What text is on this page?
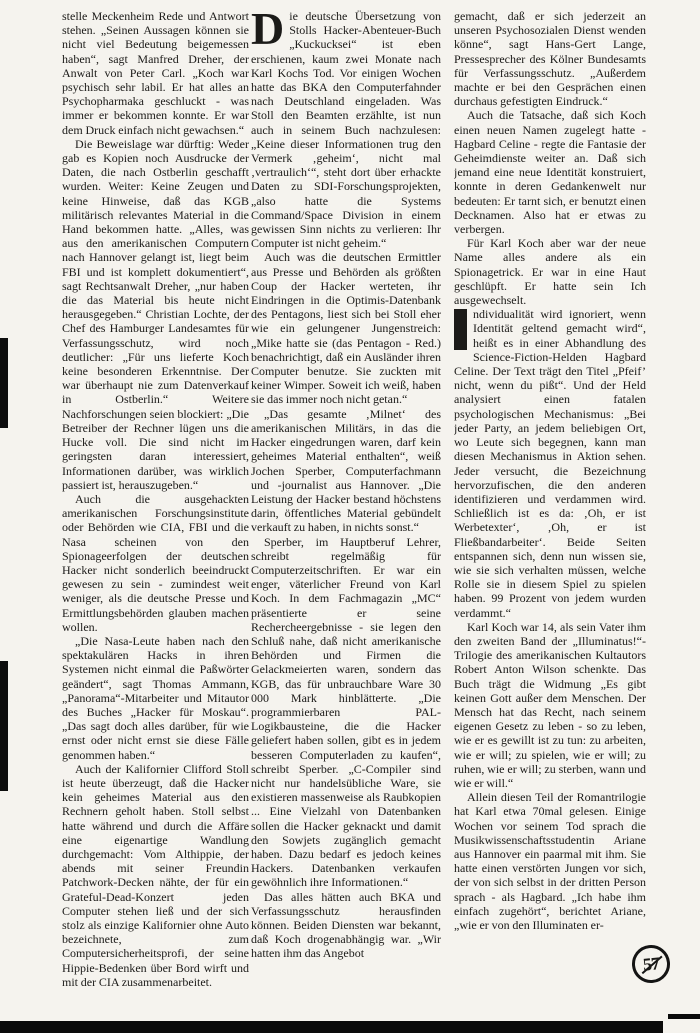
stelle Meckenheim Rede und Antwort stehen. „Seinen Aussagen können sie nicht viel Bedeutung beigemessen haben“, sagt Manfred Dreher, der Anwalt von Peter Carl. „Koch war psychisch sehr labil. Er hat alles an Psychopharmaka geschluckt - was immer er bekommen konnte. Er war dem Druck einfach nicht gewachsen.“

Die Beweislage war dürftig: Weder gab es Kopien noch Ausdrucke der Daten, die nach Ostberlin geschafft wurden. Weiter: Keine Zeugen und keine Hinweise, daß das KGB militärisch relevantes Material in die Hand bekommen hatte. „Alles, was aus den amerikanischen Computern nach Hannover gelangt ist, liegt beim FBI und ist komplett dokumentiert“, sagt Rechtsanwalt Dreher, „nur haben die das Material bis heute nicht herausgegeben.“ Christian Lochte, der Chef des Hamburger Landesamtes für Verfassungsschutz, wird noch deutlicher: „Für uns lieferte Koch keine besonderen Erkenntnise. Der war überhaupt nie zum Datenverkauf in Ostberlin.“ Weitere Nachforschungen seien blockiert: „Die Betreiber der Rechner lügen uns die Hucke voll. Die sind nicht im geringsten daran interessiert, Informationen darüber, was wirklich passiert ist, herauszugeben.“

Auch die ausgehackten amerikanischen Forschungsinstitute oder Behörden wie CIA, FBI und die Nasa scheinen von den Spionageerfolgen der deutschen Hacker nicht sonderlich beeindruckt gewesen zu sein - zumindest weit weniger, als die deutsche Presse und Ermittlungsbehörden glauben machen wollen.

„Die Nasa-Leute haben nach den spektakulären Hacks in ihren Systemen nicht einmal die Paßwörter geändert“, sagt Thomas Ammann, „Panorama“-Mitarbeiter und Mitautor des Buches „Hacker für Moskau“. „Das sagt doch alles darüber, für wie ernst oder nicht ernst sie diese Fälle genommen haben.“

Auch der Kalifornier Clifford Stoll ist heute überzeugt, daß die Hacker kein geheimes Material aus den Rechnern geholt haben. Stoll selbst hatte während und durch die Affäre eine eigenartige Wandlung durchgemacht: Vom Althippie, der abends mit seiner Freundin Patchwork-Decken nähte, der für ein Grateful-Dead-Konzert jeden Computer stehen ließ und der sich stolz als einzige Kalifornier ohne Auto bezeichnete, zum Computersicherheitsprofi, der seine Hippie-Bedenken über Bord wirft und mit der CIA zusammenarbeitet.

Die deutsche Übersetzung von Stolls Hacker-Abenteuer-Buch „Kuckucksei“ ist eben erschienen, kaum zwei Monate nach Karl Kochs Tod. Vor einigen Wochen hatte das BKA den Computerfahnder nach Deutschland eingeladen. Was Stoll den Beamten erzählte, ist nun auch in seinem Buch nachzulesen: „Keine dieser Informationen trug den Vermerk ‚geheim‘, nicht mal ‚vertraulich‘“, steht dort über erhackte Daten zu SDI-Forschungsprojekten, „also hatte die Systems Command/Space Division in einem gewissen Sinn nichts zu verlieren: Ihr Computer ist nicht geheim.“

Auch was die deutschen Ermittler aus Presse und Behörden als größten Coup der Hacker werteten, ihr Eindringen in die Optimis-Datenbank des Pentagons, liest sich bei Stoll eher wie ein gelungener Jungenstreich: „Mike hatte sie (das Pentagon - Red.) benachrichtigt, daß ein Ausländer ihren Computer benutze. Sie zuckten mit keiner Wimper. Soweit ich weiß, haben sie das immer noch nicht getan.“

„Das gesamte ‚Milnet‘ des amerikanischen Militärs, in das die Hacker eingedrungen waren, darf kein geheimes Material enthalten“, weiß Jochen Sperber, Computerfachmann und -journalist aus Hannover. „Die Leistung der Hacker bestand höchstens darin, öffentliches Material gebündelt verkauft zu haben, in nichts sonst.“

Sperber, im Hauptberuf Lehrer, schreibt regelmäßig für Computerzeitschriften. Er war ein enger, väterlicher Freund von Karl Koch. In dem Fachmagazin „MC“ präsentierte er seine Rechercheergebnisse - sie legen den Schluß nahe, daß nicht amerikanische Behörden und Firmen die Gelackmeierten waren, sondern das KGB, das für unbrauchbare Ware 30 000 Mark hinblätterte. „Die programmierbaren PAL-Logikbausteine, die die Hacker geliefert haben sollen, gibt es in jedem besseren Computerladen zu kaufen“, schreibt Sperber. „C-Compiler sind nicht nur handelsübliche Ware, sie existieren massenweise als Raubkopien ... Eine Vielzahl von Datenbanken sollen die Hacker geknackt und damit den Sowjets zugänglich gemacht haben. Dazu bedarf es jedoch keines Hackers. Datenbanken verkaufen gewöhnlich ihre Informationen.“

Das alles hätten auch BKA und Verfassungsschutz herausfinden können. Beiden Diensten war bekannt, daß Koch drogenabhängig war. „Wir hatten ihm das Angebot

gemacht, daß er sich jederzeit an unseren Psychosozialen Dienst wenden könne“, sagt Hans-Gert Lange, Pressesprecher des Kölner Bundesamts für Verfassungsschutz. „Außerdem machte er bei den Gesprächen einen durchaus gefestigten Eindruck.“

Auch die Tatsache, daß sich Koch einen neuen Namen zugelegt hatte - Hagbard Celine - regte die Fantasie der Geheimdienste weiter an. Daß sich jemand eine neue Identität konstruiert, konnte in deren Gedankenwelt nur bedeuten: Er tarnt sich, er benutzt einen Decknamen. Also hat er etwas zu verbergen.

Für Karl Koch aber war der neue Name alles andere als ein Spionagetrick. Er war in eine Haut geschlüpft. Er hatte sein Ich ausgewechselt.

ndividualität wird ignoriert, wenn Identität geltend gemacht wird“, heißt es in einer Abhandlung des Science-Fiction-Helden Hagbard Celine. Der Text trägt den Titel „Pfeif’ nicht, wenn du pißt“. Und der Held analysiert einen fatalen psychologischen Mechanismus: „Bei jeder Party, an jedem beliebigen Ort, wo Leute sich begegnen, kann man diesen Mechanismus in Aktion sehen. Jeder versucht, die Bezeichnung hervorzufischen, die den anderen identifizieren und verdammen wird. Schließlich ist es da: ‚Oh, er ist Werbetexter‘, ‚Oh, er ist Fließbandarbeiter‘. Beide Seiten entspannen sich, denn nun wissen sie, wie sie sich verhalten müssen, welche Rolle sie in diesem Spiel zu spielen haben. 99 Prozent von jedem wurden verdammt.“

Karl Koch war 14, als sein Vater ihm den zweiten Band der „Illuminatus!“-Trilogie des amerikanischen Kultautors Robert Anton Wilson schenkte. Das Buch trägt die Widmung „Es gibt keinen Gott außer dem Menschen. Der Mensch hat das Recht, nach seinem eigenen Gesetz zu leben - so zu leben, wie er es gewillt ist zu tun: zu arbeiten, wie er will; zu spielen, wie er will; zu ruhen, wie er will; zu sterben, wann und wie er will.“

Allein diesen Teil der Romantrilogie hat Karl etwa 70mal gelesen. Einige Wochen vor seinem Tod sprach die Musikwissenschaftsstudentin Ariane aus Hannover ein paarmal mit ihm. Sie hatte einen verstörten Jungen vor sich, der von sich selbst in der dritten Person sprach - als Hagbard. „Ich habe ihm einfach zugehört“, berichtet Ariane, „wie er von den Illuminaten er-

57
